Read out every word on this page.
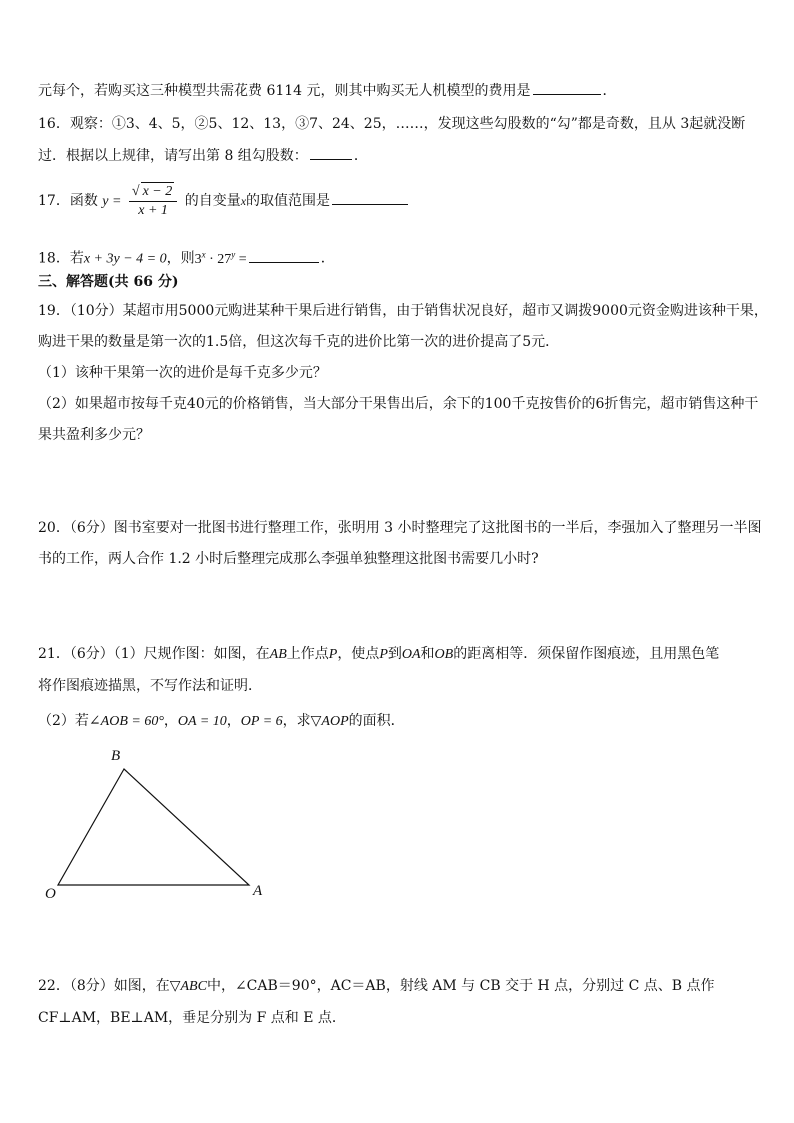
元每个，若购买这三种模型共需花费 6114 元，则其中购买无人机模型的费用是	．
16．观察：①3、4、5，②5、12、13，③7、24、25，……，发现这些勾股数的“勾”都是奇数，且从 3起就没断
过．根据以上规律，请写出第 8 组勾股数：	．
17．函数 $y = \frac{√ x - 2}{x + 1}$ 的自变量x的取值范围是
18．若x + 3y − 4 = 0，则$3^x \cdot 27^y$ =	．
三、解答题(共 66 分)
19．（10分）某超市用5000元购进某种干果后进行销售，由于销售状况良好，超市又调拨9000元资金购进该种干果，
购进干果的数量是第一次的1.5倍，但这次每千克的进价比第一次的进价提高了5元．
（1）该种干果第一次的进价是每千克多少元？
（2）如果超市按每千克40元的价格销售，当大部分干果售出后，余下的100千克按售价的6折售完，超市销售这种干
果共盈利多少元？
20．（6分）图书室要对一批图书进行整理工作，张明用 3 小时整理完了这批图书的一半后，李强加入了整理另一半图
书的工作，两人合作 1.2 小时后整理完成那么李强单独整理这批图书需要几小时?
21．（6分）（1）尺规作图：如图，在AB上作点P，使点P到OA和OB的距离相等．须保留作图痕迹，且用黑色笔
将作图痕迹描黑，不写作法和证明．
（2）若∠AOB = 60°，OA = 10，OP = 6，求▽AOP的面积．
B
O	A
22．（8分）如图，在▽ABC中，∠CAB＝90°，AC＝AB，射线 AM 与 CB 交于 H 点，分别过 C 点、B 点作
CF⊥AM，BE⊥AM，垂足分别为 F 点和 E 点．
